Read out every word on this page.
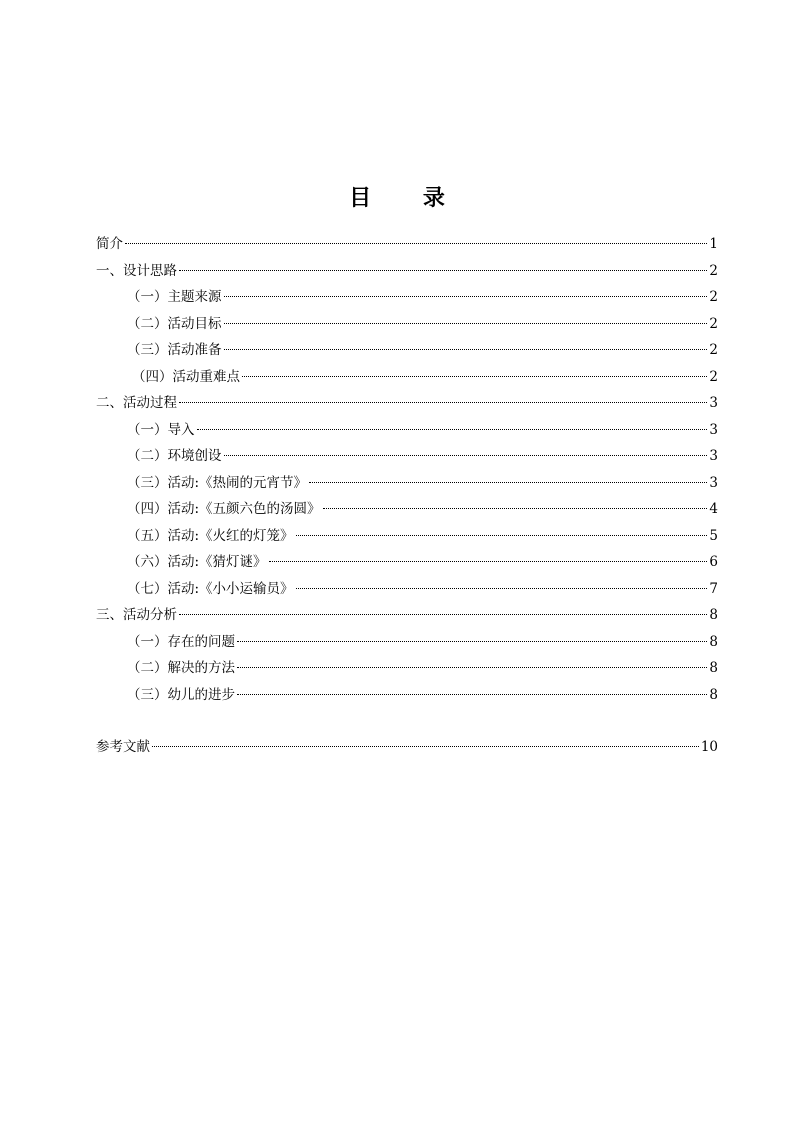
目 录
简介	1
一、设计思路	2
（一）主题来源	2
（二）活动目标	2
（三）活动准备	2
（四）活动重难点	2
二、活动过程	3
（一）导入	3
（二）环境创设	3
（三）活动:《热闹的元宵节》	3
（四）活动:《五颜六色的汤圆》	4
（五）活动:《火红的灯笼》	5
（六）活动:《猜灯谜》	6
（七）活动:《小小运输员》	7
三、活动分析	8
（一）存在的问题	8
（二）解决的方法	8
（三）幼儿的进步	8
参考文献	10
